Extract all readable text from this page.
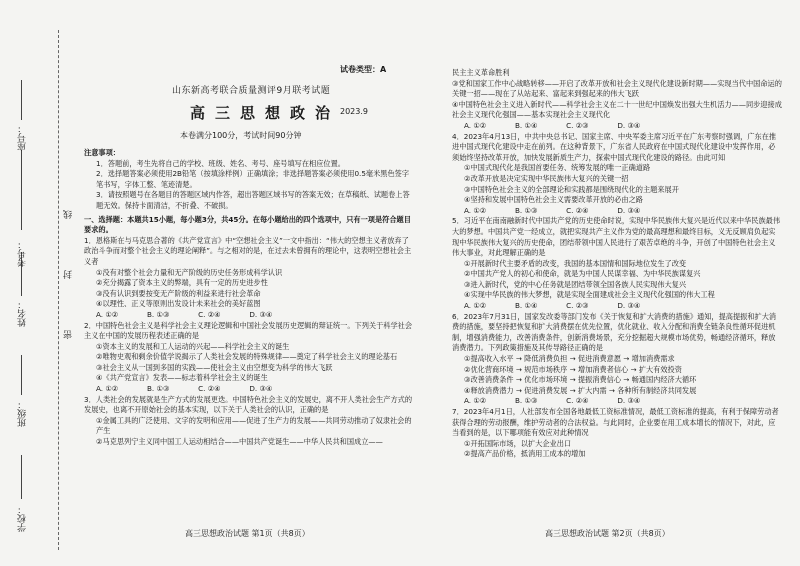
学校：
班级：
姓名：
考号：
座号：
密
封
线
试卷类型：A
山东新高考联合质量测评9月联考试题
高三思想政治 2023.9
本卷满分100分，考试时间90分钟

注意事项：

1．答题前，考生先将自己的学校、班级、姓名、考号、座号填写在相应位置。

2．选择题答案必须使用2B铅笔（按填涂样例）正确填涂；非选择题答案必须使用0.5毫米黑色签字笔书写，字体工整、笔迹清楚。

3．请按照题号在各题目的答题区域内作答，超出答题区域书写的答案无效；在草稿纸、试题卷上答题无效。保持卡面清洁，不折叠、不破损。

一、选择题：本题共15小题，每小题3分，共45分。在每小题给出的四个选项中，只有一项是符合题目要求的。

1．恩格斯在与马克思合著的《共产党宣言》中“空想社会主义”一文中指出：“伟大的空想主义者放弃了政治斗争而对整个社会主义的理论阐释”。与之相对的是，在过去未曾拥有的理论中，这表明空想社会主义者

①没有对整个社会力量和无产阶级的历史任务形成科学认识

②充分揭露了资本主义的弊端，具有一定的历史进步性

③没有认识到要按变无产阶级的利益来进行社会革命

④以理性、正义等原则出发设计未来社会的美好蓝图

A. ①②　　　　B. ①③　　　　C. ②④　　　　D. ③④

2．中国特色社会主义是科学社会主义理论逻辑和中国社会发展历史逻辑的辩证统一。下列关于科学社会主义在中国的发展历程表述正确的是

①资本主义的发展和工人运动的兴起——科学社会主义的诞生

②唯物史观和剩余价值学说揭示了人类社会发展的特殊规律——奠定了科学社会主义的理论基石

③社会主义从一国到多国的实践——使社会主义由空想变为科学的伟大飞跃

④《共产党宣言》发表——标志着科学社会主义的诞生

A. ①②　　　　B. ①③　　　　C. ②④　　　　D. ③④

3．人类社会的发展就是生产方式的发展更迭。中国特色社会主义的发展史，离不开人类社会生产方式的发展史，也离不开原始社会的基本实现，以下关于人类社会的认识，正确的是

①金属工具的广泛使用、文字的发明和应用——促进了生产力的发展——共同劳动推动了奴隶社会的产生

②马克思列宁主义同中国工人运动相结合——中国共产党诞生——中华人民共和国成立——

高三思想政治试题 第1页（共8页）

民主主义革命胜利

③党和国家工作中心战略转移——开启了改革开放和社会主义现代化建设新时期——实现当代中国命运的关键一招——现在了从站起来、富起来到强起来的伟大飞跃

④中国特色社会主义进入新时代——科学社会主义在二十一世纪中国焕发出强大生机活力——同步迎接成社会主义现代化强国——基本实现社会主义现代化

A. ①②　　　　B. ①④　　　　C. ②③　　　　D. ③④

4．2023年4月13日，中共中央总书记、国家主席、中央军委主席习近平在广东考察时强调，广东在推进中国式现代化建设中走在前列。在这种背景下，广东省人民政府在中国式现代化建设中发挥作用，必须始终坚持改革开放，加快发展新质生产力，探索中国式现代化建设的路径。由此可知

①中国式现代化是我国首要任务、统筹发展的唯一正确道路

②改革开放是决定实现中华民族伟大复兴的关键一招

③中国特色社会主义的全部理论和实践都是围绕现代化的主题来展开

④坚持和发展中国特色社会主义需要改革开放的必由之路

A. ①②　　　　B. ①③　　　　C. ②④　　　　D. ③④

5．习近平在南南融新时代中国共产党的历史使命时说，实现中华民族伟大复兴是近代以来中华民族最伟大的梦想。中国共产党一经成立，就把实现共产主义作为党的最高理想和最终目标，义无反顾肩负起实现中华民族伟大复兴的历史使命，团结带领中国人民进行了艰苦卓绝的斗争，开创了中国特色社会主义伟大事业，对此理解正确的是

①开展新时代主要矛盾的改变，我国的基本国情和国际地位发生了改变

②中国共产党人的初心和使命，就是为中国人民谋幸福、为中华民族谋复兴

③进入新时代，党的中心任务就是团结带领全国各族人民实现伟大复兴

④实现中华民族的伟大梦想，就是实现全面建成社会主义现代化强国的伟大工程

A. ①②　　　　B. ①④　　　　C. ②③　　　　D. ③④

6．2023年7月31日，国家发改委等部门发布《关于恢复和扩大消费的措施》通知，提高提振和扩大消费的措施，要坚持把恢复和扩大消费摆在优先位置，优化就业、收入分配和消费全链条良性循环促进机制，增强消费能力，改善消费条件，创新消费场景，充分挖掘超大规模市场优势，畅通经济循环，释放消费潜力。下列政策措施及其传导路径正确的是

①提高收入水平 → 降低消费负担 → 促进消费意愿 → 增加消费需求

②优化营商环境 → 规范市场秩序 → 增加消费者信心 → 扩大有效投资

③改善消费条件 → 优化市场环境 → 提振消费信心 → 畅通国内经济大循环

④释放消费潜力 → 促进消费发展 → 扩大内需 → 各种所有制经济共同发展

A. ①②　　　　B. ①③　　　　C. ②④　　　　D. ③④

7．2023年4月1日，人社部发布全国各地最低工资标准情况，最低工资标准的提高，有利于保障劳动者获得合理的劳动报酬，维护劳动者的合法权益。与此同时，企业要在用工成本增长的情况下，对此，应当看到的是，以下哪项能有效应对此种情况

①开拓国际市场，以扩大企业出口

②提高产品价格，抵消用工成本的增加

高三思想政治试题 第2页（共8页）
